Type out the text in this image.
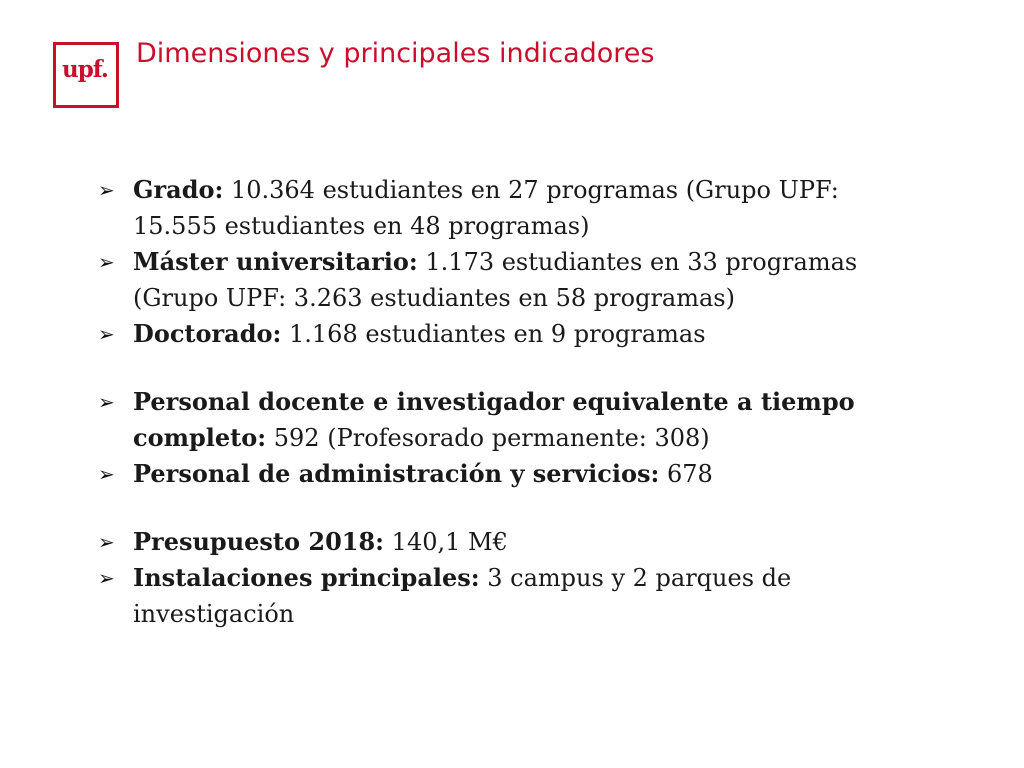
upf.
Dimensiones y principales indicadores
➢ Grado: 10.364 estudiantes en 27 programas (Grupo UPF: 15.555 estudiantes en 48 programas)
➢ Máster universitario: 1.173 estudiantes en 33 programas (Grupo UPF: 3.263 estudiantes en 58 programas)
➢ Doctorado: 1.168 estudiantes en 9 programas
➢ Personal docente e investigador equivalente a tiempo completo: 592 (Profesorado permanente: 308)
➢ Personal de administración y servicios: 678
➢ Presupuesto 2018: 140,1 M€
➢ Instalaciones principales: 3 campus y 2 parques de investigación
